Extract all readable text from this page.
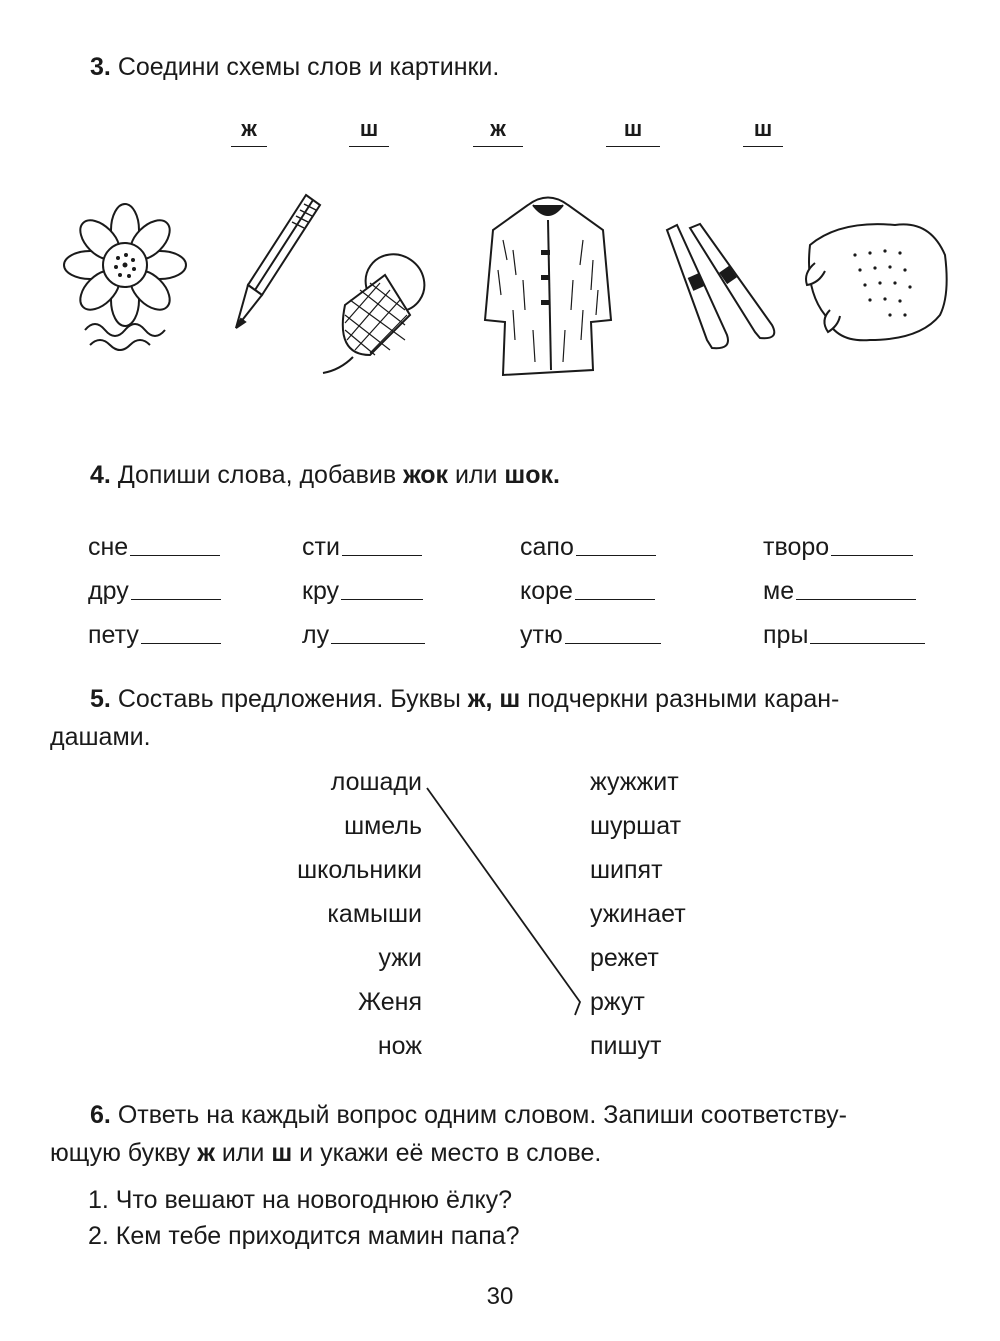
3. Соедини схемы слов и картинки.
ж	ш	ж	ш	ш
4. Допиши слова, добавив жок или шок.
сне	сти	сапо	творо
дру	кру	коре	ме
пету	лу	утю	пры
5. Составь предложения. Буквы ж, ш подчеркни разными каран-
дашами.
лошади
шмель
школьники
камыши
ужи
Женя
нож
жужжит
шуршат
шипят
ужинает
режет
ржут
пишут
6. Ответь на каждый вопрос одним словом. Запиши соответству-
ющую букву ж или ш и укажи её место в слове.
1. Что вешают на новогоднюю ёлку?
2. Кем тебе приходится мамин папа?
30
